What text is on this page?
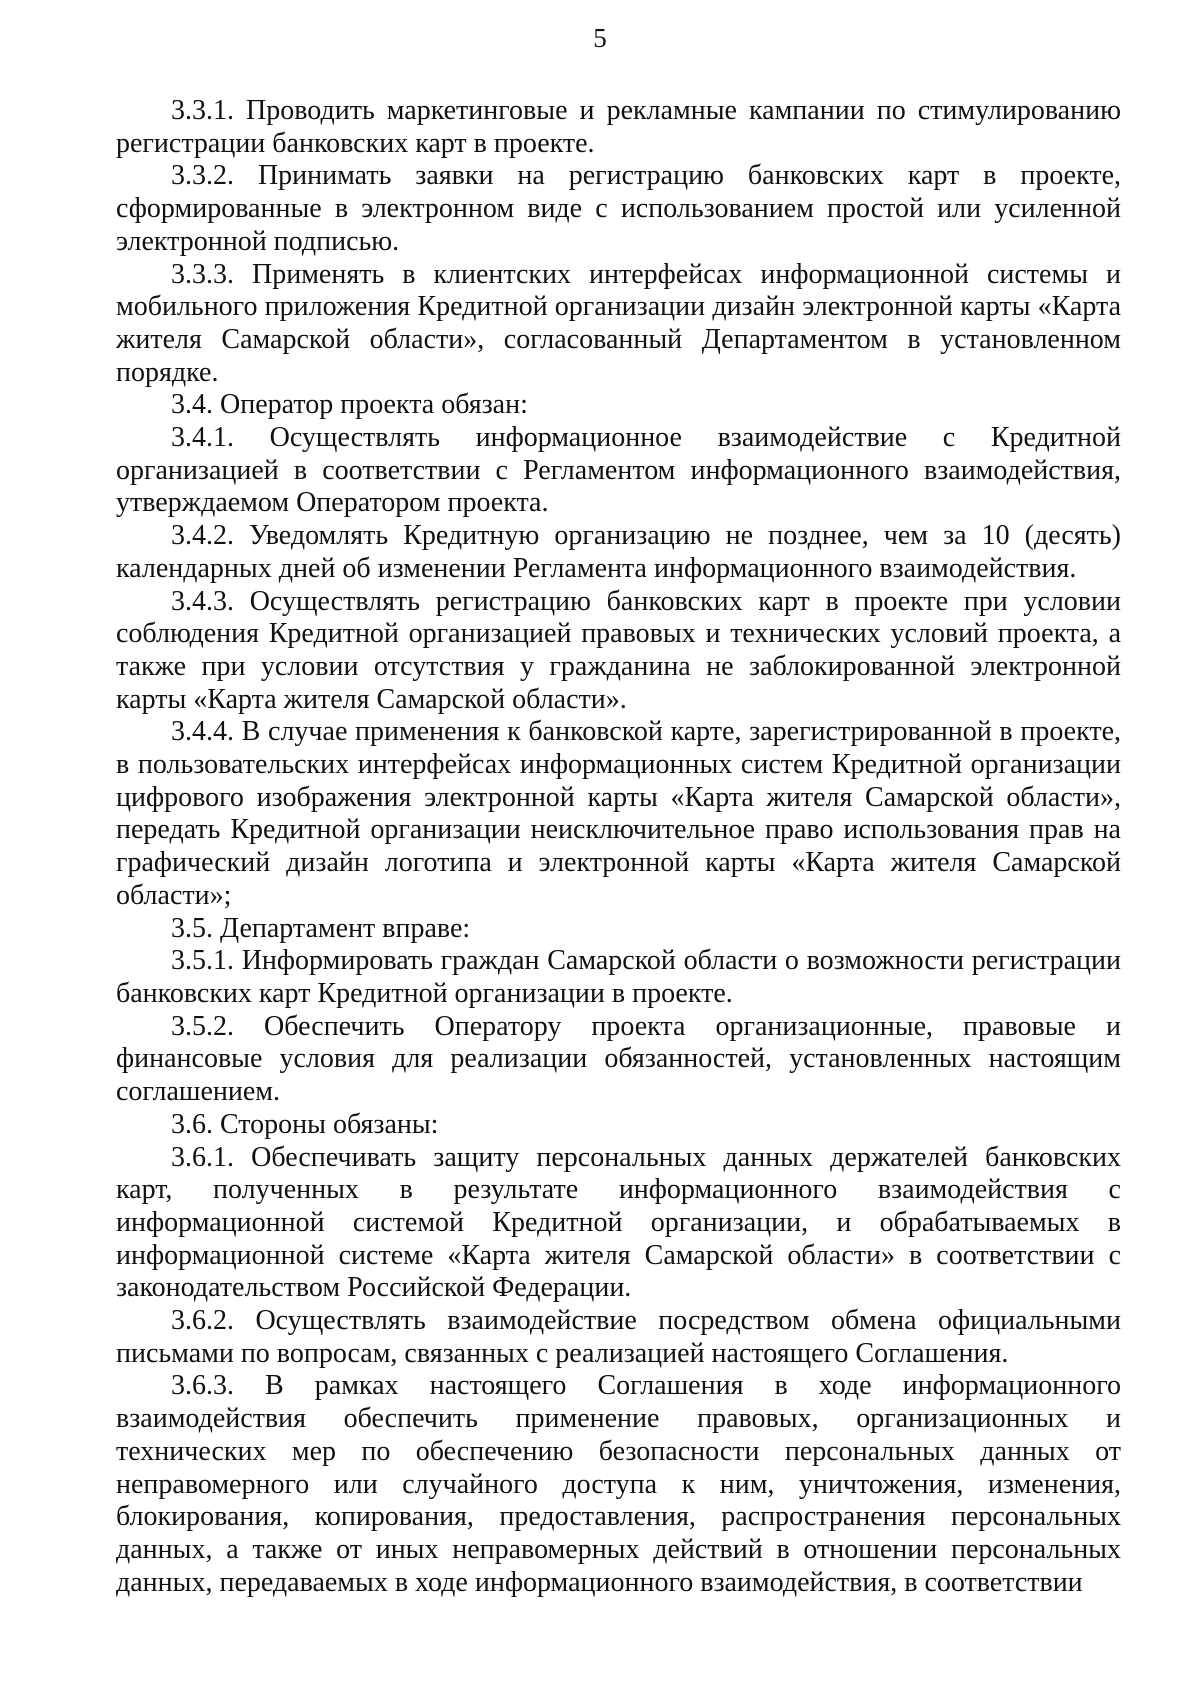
5

3.3.1. Проводить маркетинговые и рекламные кампании по стимулированию регистрации банковских карт в проекте.

3.3.2. Принимать заявки на регистрацию банковских карт в проекте, сформированные в электронном виде с использованием простой или усиленной электронной подписью.

3.3.3. Применять в клиентских интерфейсах информационной системы и мобильного приложения Кредитной организации дизайн электронной карты «Карта жителя Самарской области», согласованный Департаментом в установленном порядке.

3.4. Оператор проекта обязан:

3.4.1. Осуществлять информационное взаимодействие с Кредитной организацией в соответствии с Регламентом информационного взаимодействия, утверждаемом Оператором проекта.

3.4.2. Уведомлять Кредитную организацию не позднее, чем за 10 (десять) календарных дней об изменении Регламента информационного взаимодействия.

3.4.3. Осуществлять регистрацию банковских карт в проекте при условии соблюдения Кредитной организацией правовых и технических условий проекта, а также при условии отсутствия у гражданина не заблокированной электронной карты «Карта жителя Самарской области».

3.4.4. В случае применения к банковской карте, зарегистрированной в проекте, в пользовательских интерфейсах информационных систем Кредитной организации цифрового изображения электронной карты «Карта жителя Самарской области», передать Кредитной организации неисключительное право использования прав на графический дизайн логотипа и электронной карты «Карта жителя Самарской области»;

3.5. Департамент вправе:

3.5.1. Информировать граждан Самарской области о возможности регистрации банковских карт Кредитной организации в проекте.

3.5.2. Обеспечить Оператору проекта организационные, правовые и финансовые условия для реализации обязанностей, установленных настоящим соглашением.

3.6. Стороны обязаны:

3.6.1. Обеспечивать защиту персональных данных держателей банковских карт, полученных в результате информационного взаимодействия с информационной системой Кредитной организации, и обрабатываемых в информационной системе «Карта жителя Самарской области» в соответствии с законодательством Российской Федерации.

3.6.2. Осуществлять взаимодействие посредством обмена официальными письмами по вопросам, связанных с реализацией настоящего Соглашения.

3.6.3. В рамках настоящего Соглашения в ходе информационного взаимодействия обеспечить применение правовых, организационных и технических мер по обеспечению безопасности персональных данных от неправомерного или случайного доступа к ним, уничтожения, изменения, блокирования, копирования, предоставления, распространения персональных данных, а также от иных неправомерных действий в отношении персональных данных, передаваемых в ходе информационного взаимодействия, в соответствии
